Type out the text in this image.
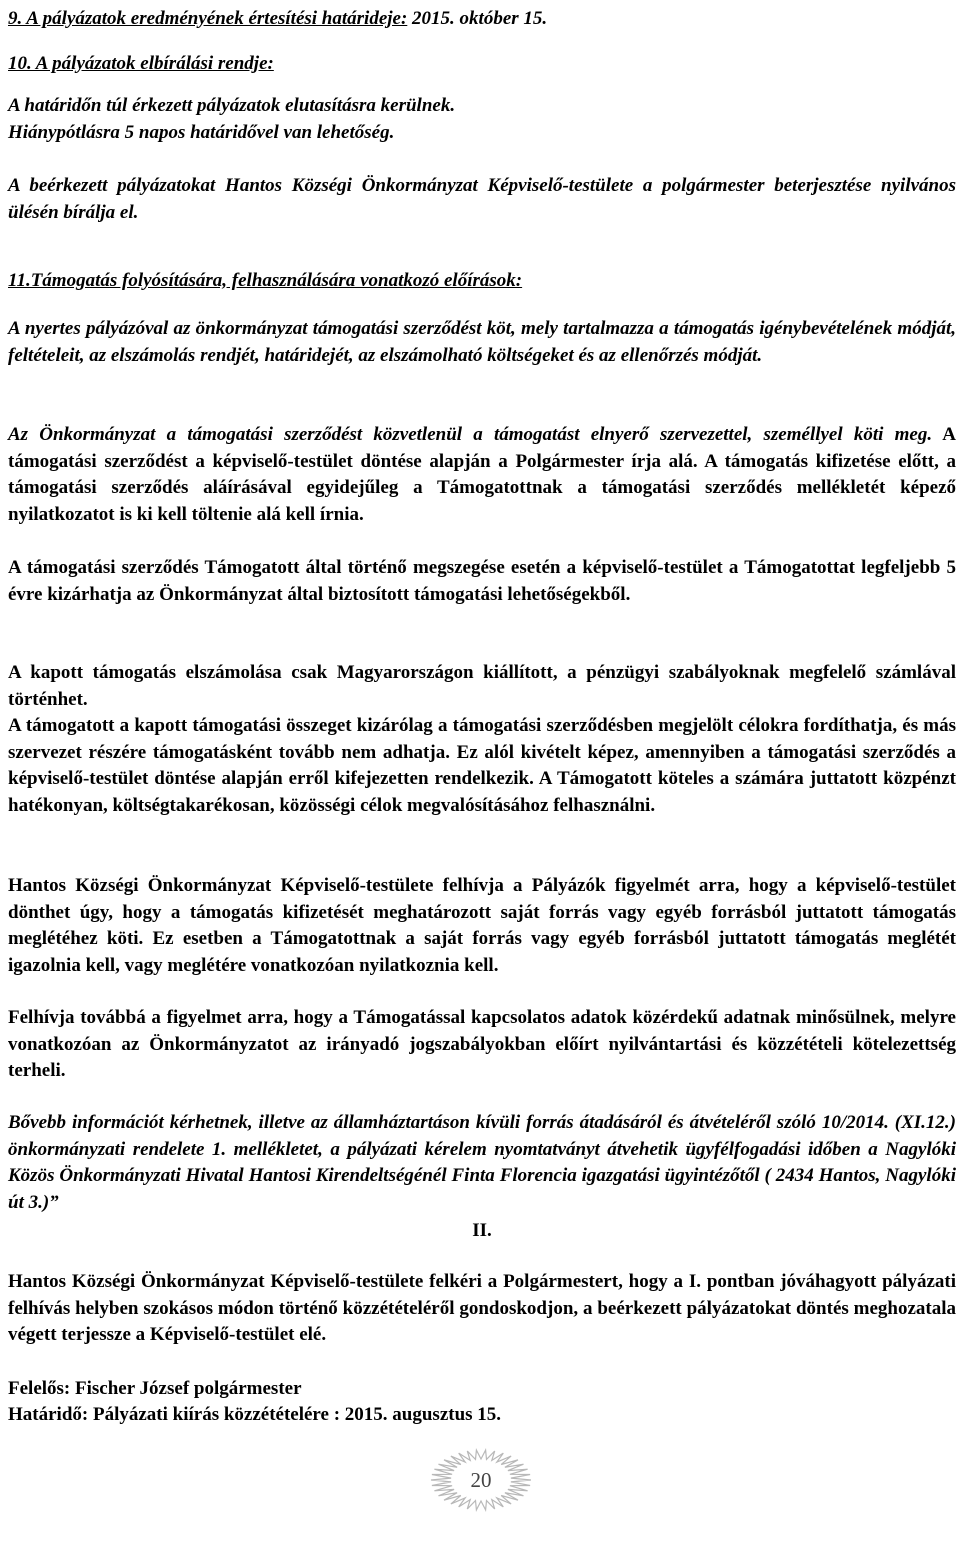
9. A pályázatok eredményének értesítési határideje: 2015. október 15.

10. A pályázatok elbírálási rendje:

A határidőn túl érkezett pályázatok elutasításra kerülnek.

Hiánypótlásra 5 napos határidővel van lehetőség.

A beérkezett pályázatokat Hantos Községi Önkormányzat Képviselő-testülete a polgármester beterjesztése nyilvános ülésén bírálja el.

11.Támogatás folyósítására, felhasználására vonatkozó előírások:

A nyertes pályázóval az önkormányzat támogatási szerződést köt, mely tartalmazza a támogatás igénybevételének módját, feltételeit, az elszámolás rendjét, határidejét, az elszámolható költségeket és az ellenőrzés módját.

Az Önkormányzat a támogatási szerződést közvetlenül a támogatást elnyerő szervezettel, személlyel köti meg. A támogatási szerződést a képviselő-testület döntése alapján a Polgármester írja alá. A támogatás kifizetése előtt, a támogatási szerződés aláírásával egyidejűleg a Támogatottnak a támogatási szerződés mellékletét képező nyilatkozatot is ki kell töltenie alá kell írnia.

A támogatási szerződés Támogatott által történő megszegése esetén a képviselő-testület a Támogatottat legfeljebb 5 évre kizárhatja az Önkormányzat által biztosított támogatási lehetőségekből.

A kapott támogatás elszámolása csak Magyarországon kiállított, a pénzügyi szabályoknak megfelelő számlával történhet.

A támogatott a kapott támogatási összeget kizárólag a támogatási szerződésben megjelölt célokra fordíthatja, és más szervezet részére támogatásként tovább nem adhatja. Ez alól kivételt képez, amennyiben a támogatási szerződés a képviselő-testület döntése alapján erről kifejezetten rendelkezik. A Támogatott köteles a számára juttatott közpénzt hatékonyan, költségtakarékosan, közösségi célok megvalósításához felhasználni.

Hantos Községi Önkormányzat Képviselő-testülete felhívja a Pályázók figyelmét arra, hogy a képviselő-testület dönthet úgy, hogy a támogatás kifizetését meghatározott saját forrás vagy egyéb forrásból juttatott támogatás meglétéhez köti. Ez esetben a Támogatottnak a saját forrás vagy egyéb forrásból juttatott támogatás meglétét igazolnia kell, vagy meglétére vonatkozóan nyilatkoznia kell.

Felhívja továbbá a figyelmet arra, hogy a Támogatással kapcsolatos adatok közérdekű adatnak minősülnek, melyre vonatkozóan az Önkormányzatot az irányadó jogszabályokban előírt nyilvántartási és közzétételi kötelezettség terheli.

Bővebb információt kérhetnek, illetve az államháztartáson kívüli forrás átadásáról és átvételéről szóló 10/2014. (XI.12.) önkormányzati rendelete 1. mellékletet, a pályázati kérelem nyomtatványt átvehetik ügyfélfogadási időben a Nagylóki Közös Önkormányzati Hivatal Hantosi Kirendeltségénél Finta Florencia igazgatási ügyintézőtől ( 2434 Hantos, Nagylóki út 3.)”

II.

Hantos Községi Önkormányzat Képviselő-testülete felkéri a Polgármestert, hogy a I. pontban jóváhagyott pályázati felhívás helyben szokásos módon történő közzétételéről gondoskodjon, a beérkezett pályázatokat döntés meghozatala végett terjessze a Képviselő-testület elé.

Felelős: Fischer József polgármester

Határidő: Pályázati kiírás közzétételére : 2015. augusztus 15.

20
